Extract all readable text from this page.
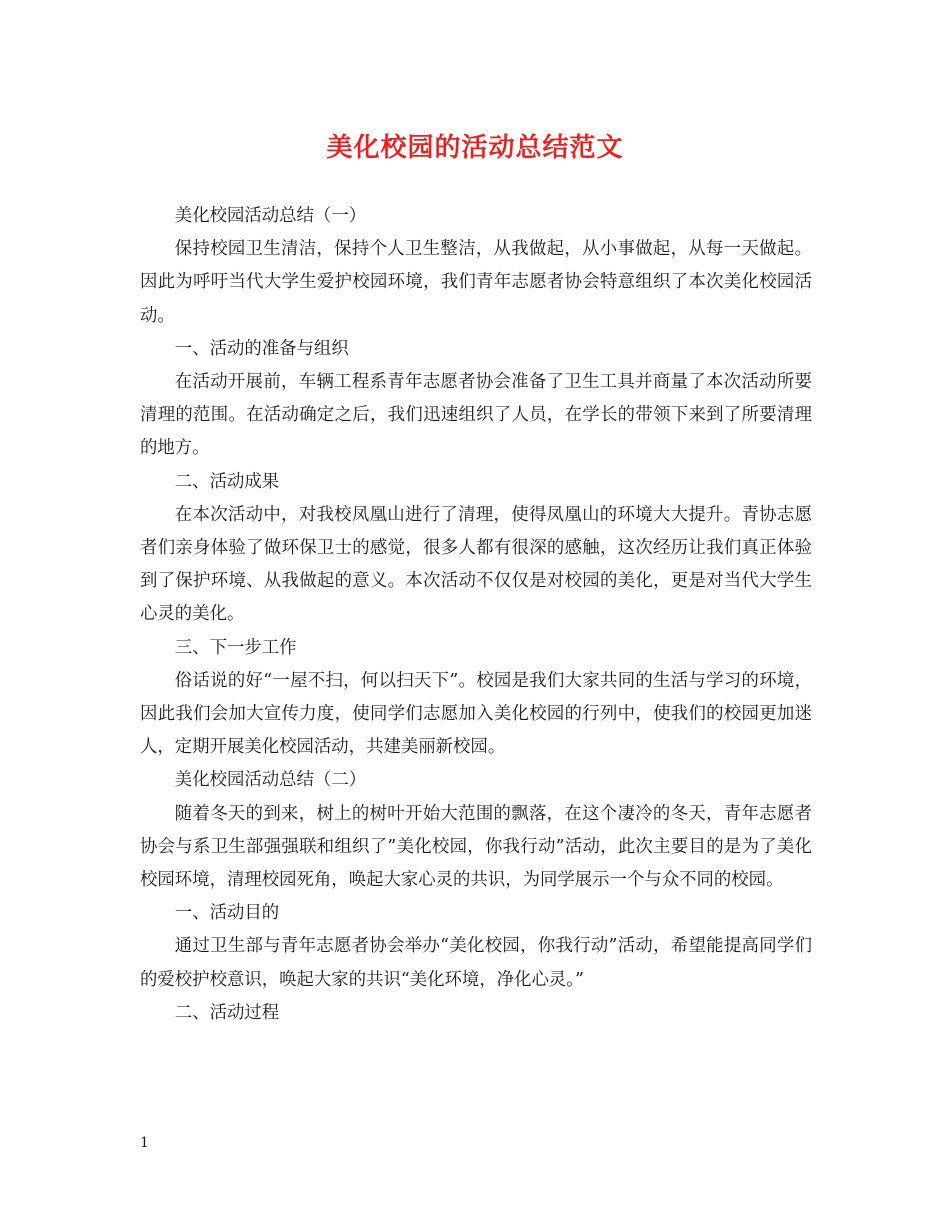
美化校园的活动总结范文

美化校园活动总结（一）

保持校园卫生清洁，保持个人卫生整洁，从我做起，从小事做起，从每一天做起。因此为呼吁当代大学生爱护校园环境，我们青年志愿者协会特意组织了本次美化校园活动。

一、活动的准备与组织

在活动开展前，车辆工程系青年志愿者协会准备了卫生工具并商量了本次活动所要清理的范围。在活动确定之后，我们迅速组织了人员，在学长的带领下来到了所要清理的地方。

二、活动成果

在本次活动中，对我校凤凰山进行了清理，使得凤凰山的环境大大提升。青协志愿者们亲身体验了做环保卫士的感觉，很多人都有很深的感触，这次经历让我们真正体验到了保护环境、从我做起的意义。本次活动不仅仅是对校园的美化，更是对当代大学生心灵的美化。

三、下一步工作

俗话说的好“一屋不扫，何以扫天下”。校园是我们大家共同的生活与学习的环境，因此我们会加大宣传力度，使同学们志愿加入美化校园的行列中，使我们的校园更加迷人，定期开展美化校园活动，共建美丽新校园。

美化校园活动总结（二）

随着冬天的到来，树上的树叶开始大范围的飘落，在这个凄冷的冬天，青年志愿者协会与系卫生部强强联和组织了”美化校园，你我行动”活动，此次主要目的是为了美化校园环境，清理校园死角，唤起大家心灵的共识，为同学展示一个与众不同的校园。

一、活动目的

通过卫生部与青年志愿者协会举办“美化校园，你我行动”活动，希望能提高同学们的爱校护校意识，唤起大家的共识“美化环境，净化心灵。”

二、活动过程

1
